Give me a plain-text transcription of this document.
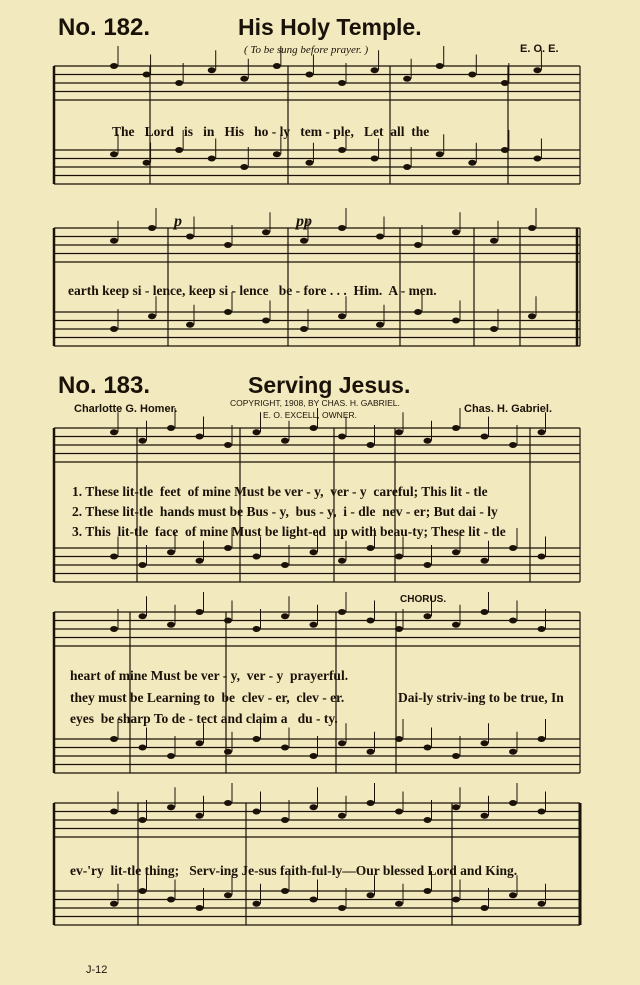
No. 182.	His Holy Temple.
( To be sung before prayer. )	E. O. E.
The   Lord   is   in   His   ho - ly   tem - ple,   Let  all  the
p	pp
earth keep si - lence, keep si - lence   be - fore . . .  Him.  A - men.
No. 183.	Serving Jesus.
COPYRIGHT, 1908, BY CHAS. H. GABRIEL.
E. O. EXCELL, OWNER.
Charlotte G. Homer.	Chas. H. Gabriel.
1. These lit-tle  feet  of mine Must be ver - y,  ver - y  careful; This lit - tle
2. These lit-tle  hands must be Bus - y,  bus - y,  i - dle  nev - er; But dai - ly
3. This  lit-tle  face  of mine Must be light-ed  up with beau-ty; These lit - tle
CHORUS.
heart of mine Must be ver - y,  ver - y  prayerful.
they must be Learning to  be  clev - er,  clev - er.
eyes  be sharp To de - tect and claim a   du - ty.
Dai-ly striv-ing to be true, In
ev-'ry  lit-tle thing;   Serv-ing Je-sus faith-ful-ly—Our blessed Lord and King.
J-12
